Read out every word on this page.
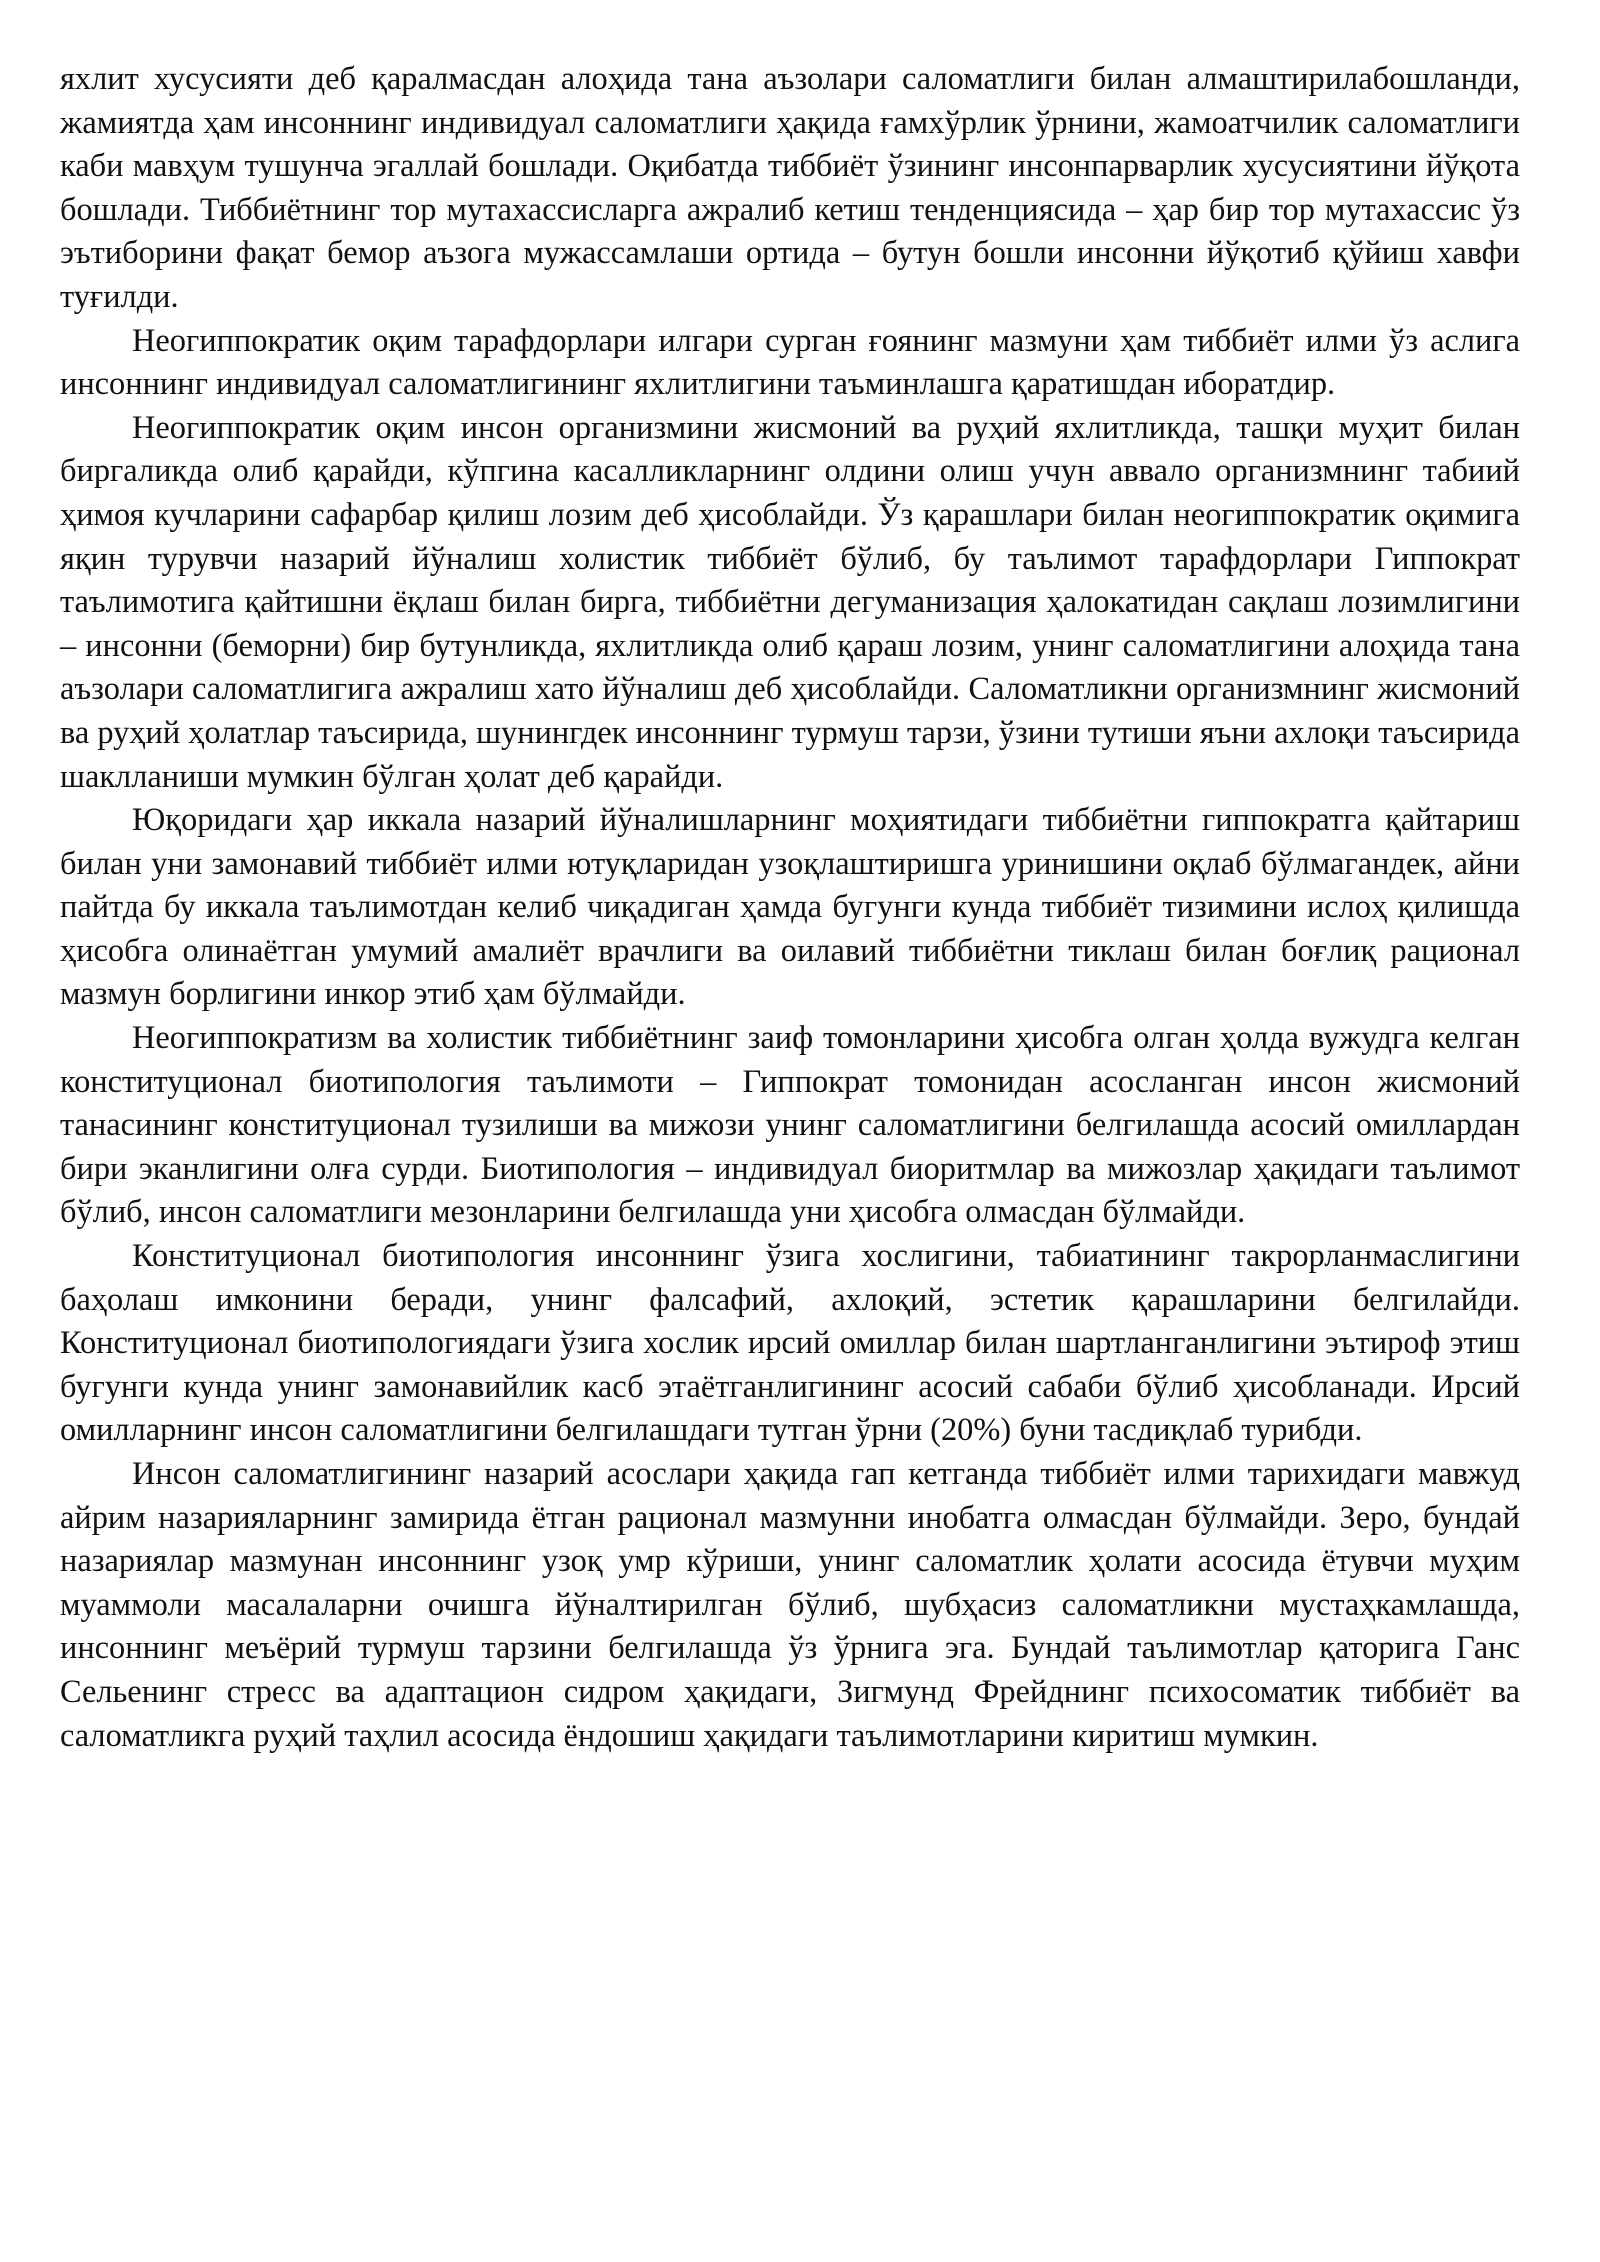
яхлит хусусияти деб қаралмасдан алоҳида тана аъзолари саломатлиги билан алмаштирилабошланди, жамиятда ҳам инсоннинг индивидуал саломатлиги ҳақида ғамхўрлик ўрнини, жамоатчилик саломатлиги каби мавҳум тушунча эгаллай бошлади. Оқибатда тиббиёт ўзининг инсонпарварлик хусусиятини йўқота бошлади. Тиббиётнинг тор мутахассисларга ажралиб кетиш тенденциясида – ҳар бир тор мутахассис ўз эътиборини фақат бемор аъзога мужассамлаши ортида – бутун бошли инсонни йўқотиб қўйиш хавфи туғилди.

Неогиппократик оқим тарафдорлари илгари сурган ғоянинг мазмуни ҳам тиббиёт илми ўз аслига инсоннинг индивидуал саломатлигининг яхлитлигини таъминлашга қаратишдан иборатдир.

Неогиппократик оқим инсон организмини жисмоний ва руҳий яхлитликда, ташқи муҳит билан биргаликда олиб қарайди, кўпгина касалликларнинг олдини олиш учун аввало организмнинг табиий ҳимоя кучларини сафарбар қилиш лозим деб ҳисоблайди. Ўз қарашлари билан неогиппократик оқимига яқин турувчи назарий йўналиш холистик тиббиёт бўлиб, бу таълимот тарафдорлари Гиппократ таълимотига қайтишни ёқлаш билан бирга, тиббиётни дегуманизация ҳалокатидан сақлаш лозимлигини – инсонни (беморни) бир бутунликда, яхлитликда олиб қараш лозим, унинг саломатлигини алоҳида тана аъзолари саломатлигига ажралиш хато йўналиш деб ҳисоблайди. Саломатликни организмнинг жисмоний ва руҳий ҳолатлар таъсирида, шунингдек инсоннинг турмуш тарзи, ўзини тутиши яъни ахлоқи таъсирида шаклланиши мумкин бўлган ҳолат деб қарайди.

Юқоридаги ҳар иккала назарий йўналишларнинг моҳиятидаги тиббиётни гиппократга қайтариш билан уни замонавий тиббиёт илми ютуқларидан узоқлаштиришга уринишини оқлаб бўлмагандек, айни пайтда бу иккала таълимотдан келиб чиқадиган ҳамда бугунги кунда тиббиёт тизимини ислоҳ қилишда ҳисобга олинаётган умумий амалиёт врачлиги ва оилавий тиббиётни тиклаш билан боғлиқ рационал мазмун борлигини инкор этиб ҳам бўлмайди.

Неогиппократизм ва холистик тиббиётнинг заиф томонларини ҳисобга олган ҳолда вужудга келган конституционал биотипология таълимоти – Гиппократ томонидан асосланган инсон жисмоний танасининг конституционал тузилиши ва мижози унинг саломатлигини белгилашда асосий омиллардан бири эканлигини олға сурди. Биотипология – индивидуал биоритмлар ва мижозлар ҳақидаги таълимот бўлиб, инсон саломатлиги мезонларини белгилашда уни ҳисобга олмасдан бўлмайди.

Конституционал биотипология инсоннинг ўзига хослигини, табиатининг такрорланмаслигини баҳолаш имконини беради, унинг фалсафий, ахлоқий, эстетик қарашларини белгилайди. Конституционал биотипологиядаги ўзига хослик ирсий омиллар билан шартланганлигини эътироф этиш бугунги кунда унинг замонавийлик касб этаётганлигининг асосий сабаби бўлиб ҳисобланади. Ирсий омилларнинг инсон саломатлигини белгилашдаги тутган ўрни (20%) буни тасдиқлаб турибди.

Инсон саломатлигининг назарий асослари ҳақида гап кетганда тиббиёт илми тарихидаги мавжуд айрим назарияларнинг замирида ётган рационал мазмунни инобатга олмасдан бўлмайди. Зеро, бундай назариялар мазмунан инсоннинг узоқ умр кўриши, унинг саломатлик ҳолати асосида ётувчи муҳим муаммоли масалаларни очишга йўналтирилган бўлиб, шубҳасиз саломатликни мустаҳкамлашда, инсоннинг меъёрий турмуш тарзини белгилашда ўз ўрнига эга. Бундай таълимотлар қаторига Ганс Сельенинг стресс ва адаптацион сидром ҳақидаги, Зигмунд Фрейднинг психосоматик тиббиёт ва саломатликга руҳий таҳлил асосида ёндошиш ҳақидаги таълимотларини киритиш мумкин.
